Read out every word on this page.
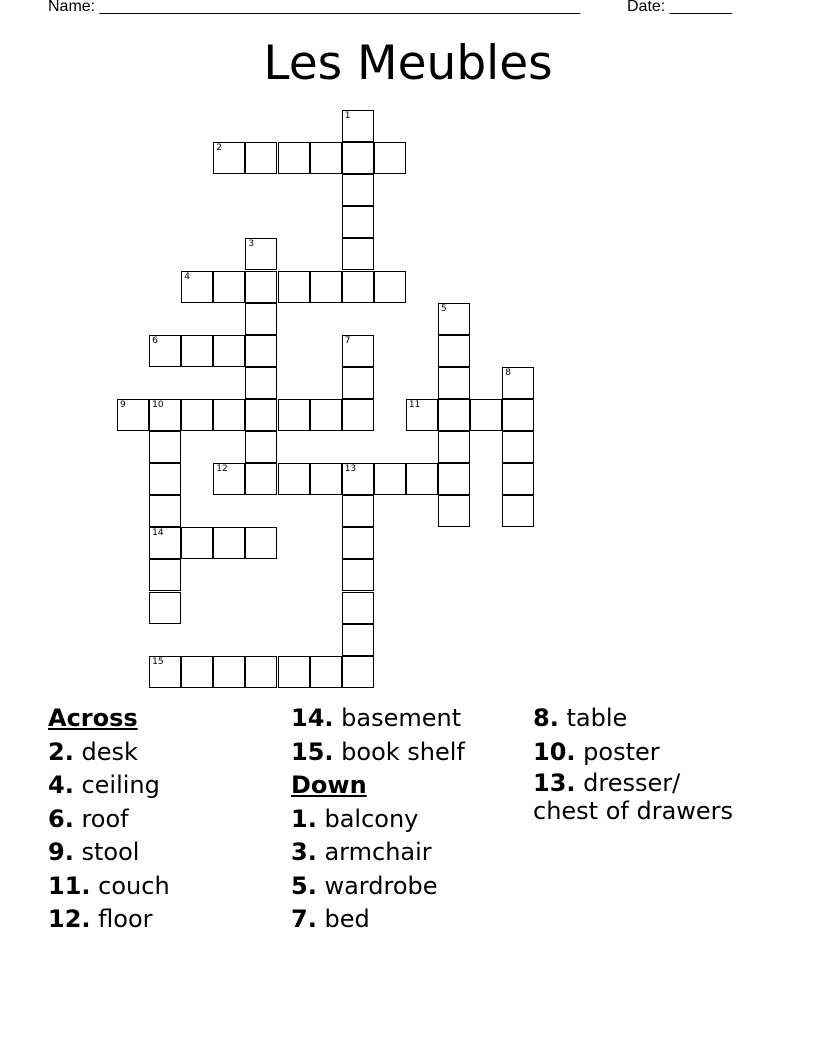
Name: ______________________________________________________	Date: _______
Les Meubles
1
2
3
4
5
6	7
8
9	10
14
11
12	13
15
Across
2. desk
4. ceiling
6. roof
9. stool
11. couch
12. floor
14. basement
15. book shelf
Down
1. balcony
3. armchair
5. wardrobe
7. bed
8. table
10. poster
13. dresser/
chest of drawers
